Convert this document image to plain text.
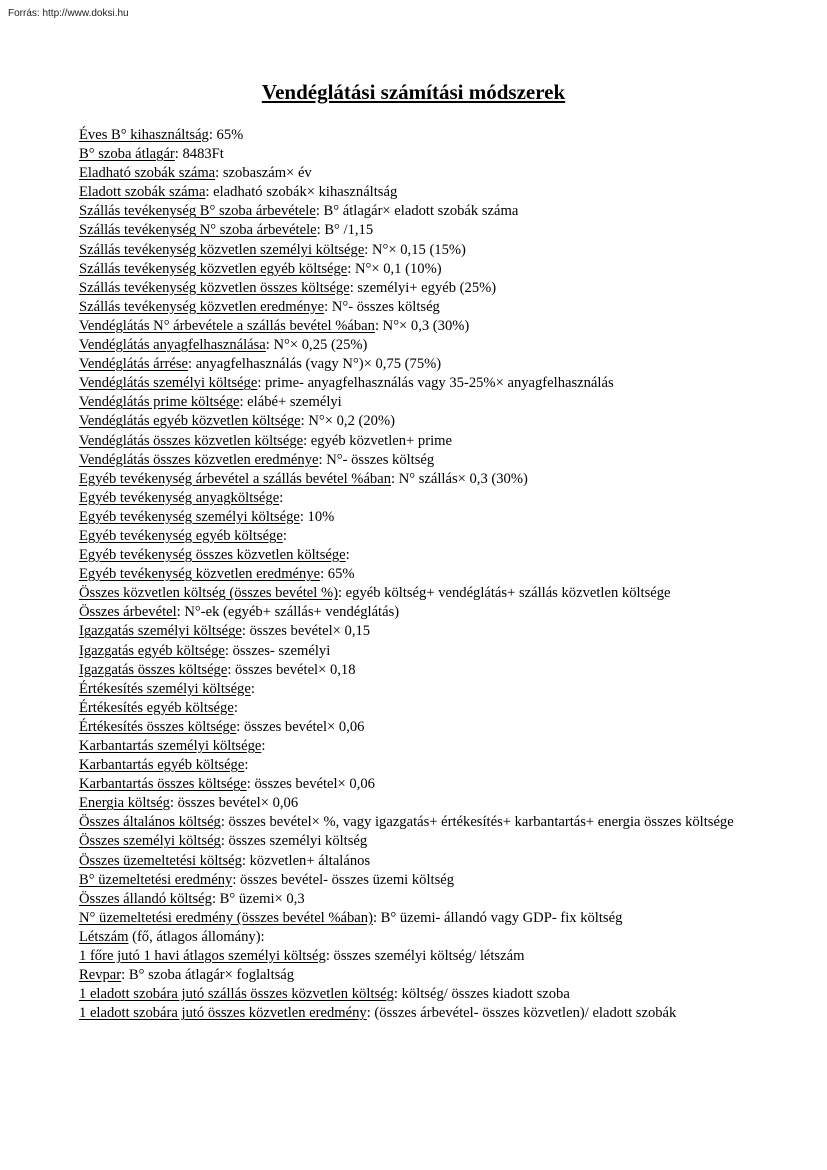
Forrás: http://www.doksi.hu
Vendéglátási számítási módszerek
Éves B° kihasználtság: 65%
B° szoba átlagár: 8483Ft
Eladható szobák száma: szobaszám× év
Eladott szobák száma: eladható szobák× kihasználtság
Szállás tevékenység B° szoba árbevétele: B° átlagár× eladott szobák száma
Szállás tevékenység N° szoba árbevétele: B° /1,15
Szállás tevékenység közvetlen személyi költsége: N°× 0,15 (15%)
Szállás tevékenység közvetlen egyéb költsége: N°× 0,1 (10%)
Szállás tevékenység közvetlen összes költsége: személyi+ egyéb (25%)
Szállás tevékenység közvetlen eredménye: N°- összes költség
Vendéglátás N° árbevétele a szállás bevétel %ában: N°× 0,3 (30%)
Vendéglátás anyagfelhasználása: N°× 0,25 (25%)
Vendéglátás árrése: anyagfelhasználás (vagy N°)× 0,75 (75%)
Vendéglátás személyi költsége: prime- anyagfelhasználás vagy 35-25%× anyagfelhasználás
Vendéglátás prime költsége: elábé+ személyi
Vendéglátás egyéb közvetlen költsége: N°× 0,2 (20%)
Vendéglátás összes közvetlen költsége: egyéb közvetlen+ prime
Vendéglátás összes közvetlen eredménye: N°- összes költség
Egyéb tevékenység árbevétel a szállás bevétel %ában: N° szállás× 0,3 (30%)
Egyéb tevékenység anyagköltsége:
Egyéb tevékenység személyi költsége: 10%
Egyéb tevékenység egyéb költsége:
Egyéb tevékenység összes közvetlen költsége:
Egyéb tevékenység közvetlen eredménye: 65%
Összes közvetlen költség (összes bevétel %): egyéb költség+ vendéglátás+ szállás közvetlen költsége
Összes árbevétel: N°-ek (egyéb+ szállás+ vendéglátás)
Igazgatás személyi költsége: összes bevétel× 0,15
Igazgatás egyéb költsége: összes- személyi
Igazgatás összes költsége: összes bevétel× 0,18
Értékesítés személyi költsége:
Értékesítés egyéb költsége:
Értékesítés összes költsége: összes bevétel× 0,06
Karbantartás személyi költsége:
Karbantartás egyéb költsége:
Karbantartás összes költsége: összes bevétel× 0,06
Energia költség: összes bevétel× 0,06
Összes általános költség: összes bevétel× %, vagy igazgatás+ értékesítés+ karbantartás+ energia összes költsége
Összes személyi költség: összes személyi költség
Összes üzemeltetési költség: közvetlen+ általános
B° üzemeltetési eredmény: összes bevétel- összes üzemi költség
Összes állandó költség: B° üzemi× 0,3
N° üzemeltetési eredmény (összes bevétel %ában): B° üzemi- állandó vagy GDP- fix költség
Létszám (fő, átlagos állomány):
1 főre jutó 1 havi átlagos személyi költség: összes személyi költség/ létszám
Revpar: B° szoba átlagár× foglaltság
1 eladott szobára jutó szállás összes közvetlen költség: költség/ összes kiadott szoba
1 eladott szobára jutó összes közvetlen eredmény: (összes árbevétel- összes közvetlen)/ eladott szobák
